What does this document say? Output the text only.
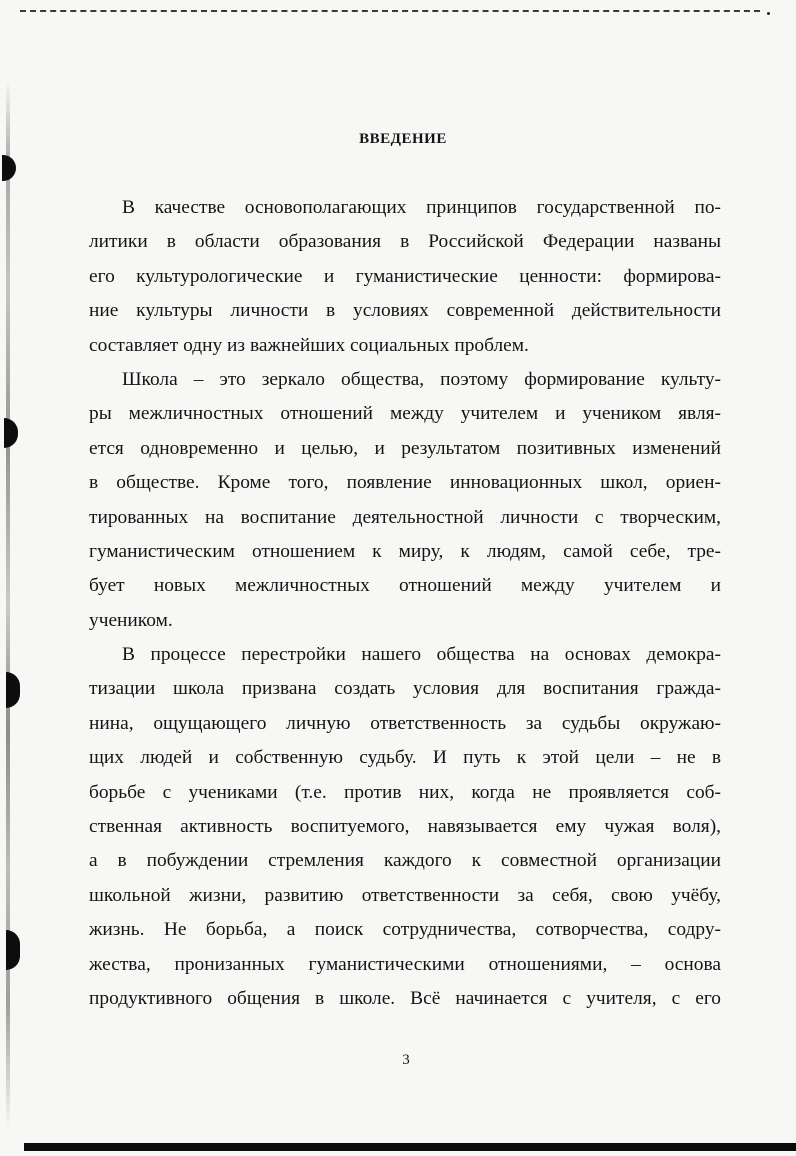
ВВЕДЕНИЕ

В качестве основополагающих принципов государственной по-
литики в области образования в Российской Федерации названы
его культурологические и гуманистические ценности: формирова-
ние культуры личности в условиях современной действительности
составляет одну из важнейших социальных проблем.

Школа – это зеркало общества, поэтому формирование культу-
ры межличностных отношений между учителем и учеником явля-
ется одновременно и целью, и результатом позитивных изменений
в обществе. Кроме того, появление инновационных школ, ориен-
тированных на воспитание деятельностной личности с творческим,
гуманистическим отношением к миру, к людям, самой себе, тре-
бует новых межличностных отношений между учителем и
учеником.

В процессе перестройки нашего общества на основах демокра-
тизации школа призвана создать условия для воспитания гражда-
нина, ощущающего личную ответственность за судьбы окружаю-
щих людей и собственную судьбу. И путь к этой цели – не в
борьбе с учениками (т.е. против них, когда не проявляется соб-
ственная активность воспитуемого, навязывается ему чужая воля),
а в побуждении стремления каждого к совместной организации
школьной жизни, развитию ответственности за себя, свою учёбу,
жизнь. Не борьба, а поиск сотрудничества, сотворчества, содру-
жества, пронизанных гуманистическими отношениями, – основа
продуктивного общения в школе. Всё начинается с учителя, с его

3
